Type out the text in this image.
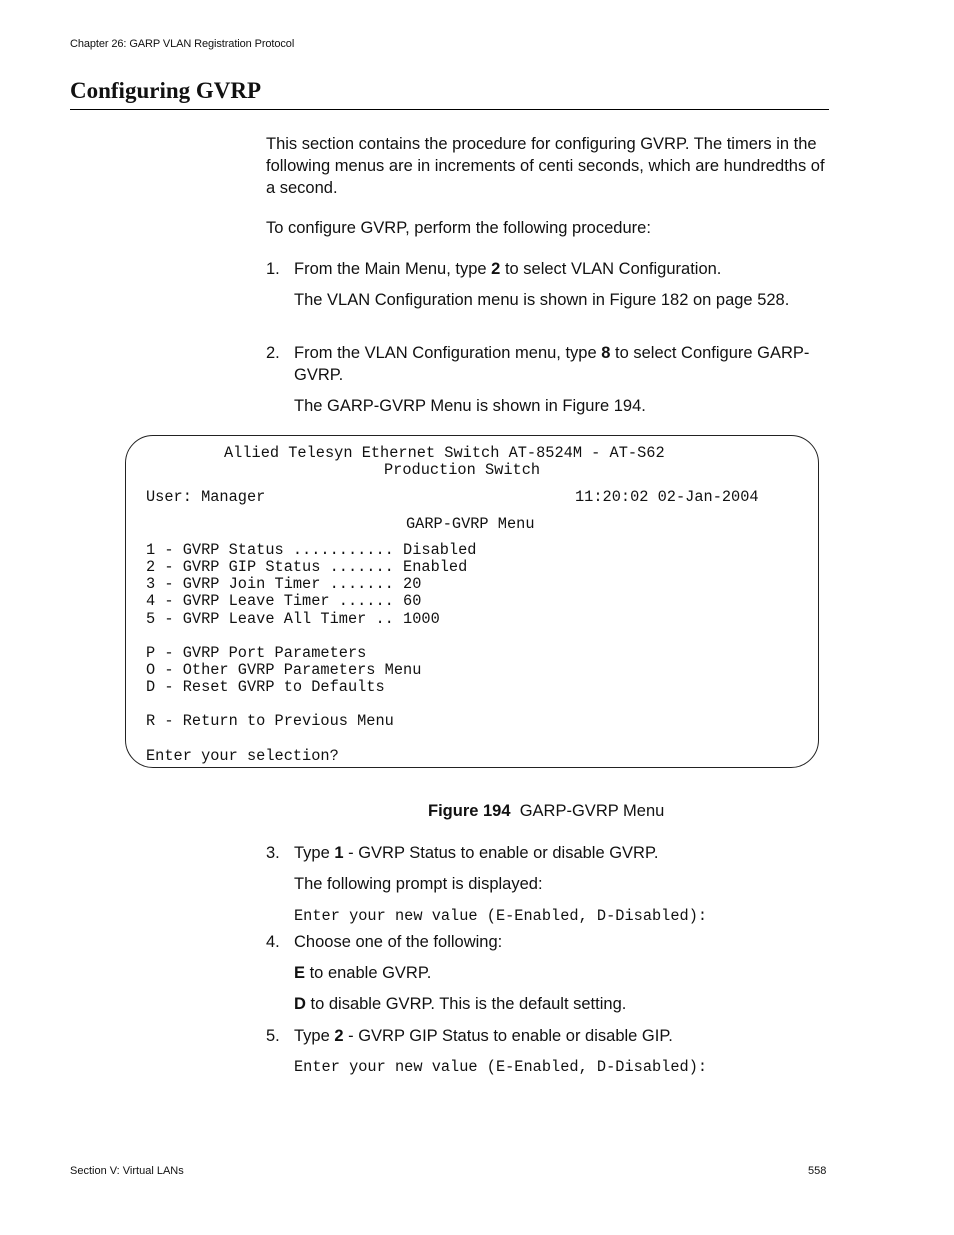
Chapter 26: GARP VLAN Registration Protocol
Configuring GVRP
This section contains the procedure for configuring GVRP. The timers in the following menus are in increments of centi seconds, which are hundredths of a second.
To configure GVRP, perform the following procedure:
1. From the Main Menu, type 2 to select VLAN Configuration.
The VLAN Configuration menu is shown in Figure 182 on page 528.
2. From the VLAN Configuration menu, type 8 to select Configure GARP-GVRP.
The GARP-GVRP Menu is shown in Figure 194.
Allied Telesyn Ethernet Switch AT-8524M - AT-S62
Production Switch
User: Manager	11:20:02 02-Jan-2004
GARP-GVRP Menu
1 - GVRP Status ........... Disabled
2 - GVRP GIP Status ....... Enabled
3 - GVRP Join Timer ....... 20
4 - GVRP Leave Timer ...... 60
5 - GVRP Leave All Timer .. 1000
P - GVRP Port Parameters
O - Other GVRP Parameters Menu
D - Reset GVRP to Defaults
R - Return to Previous Menu
Enter your selection?
Figure 194 GARP-GVRP Menu
3. Type 1 - GVRP Status to enable or disable GVRP.
The following prompt is displayed:
Enter your new value (E-Enabled, D-Disabled):
4. Choose one of the following:
E to enable GVRP.
D to disable GVRP. This is the default setting.
5. Type 2 - GVRP GIP Status to enable or disable GIP.
Enter your new value (E-Enabled, D-Disabled):
Section V: Virtual LANs	558
